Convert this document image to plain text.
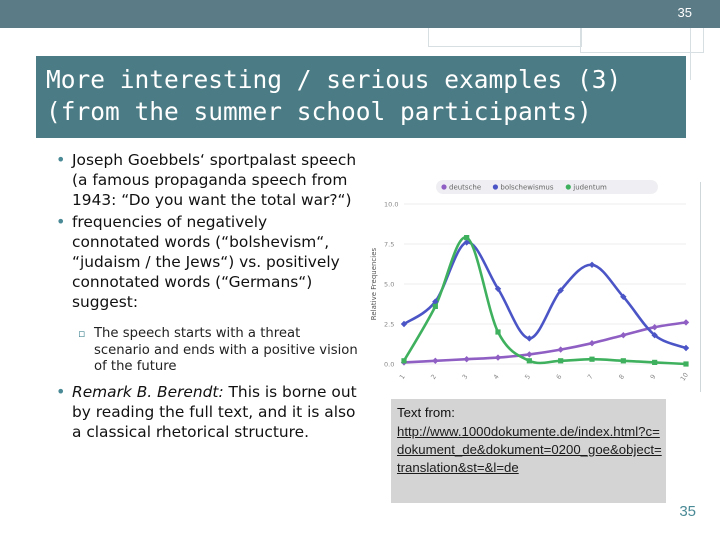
35
More interesting / serious examples (3)
(from the summer school participants)
• Joseph Goebbels‘ sportpalast speech (a famous propaganda speech from 1943: “Do you want the total war?“)
• frequencies of negatively connotated words (“bolshevism“, “judaism / the Jews“) vs. positively connotated words (“Germans“) suggest:
▫ The speech starts with a threat scenario and ends with a positive vision of the future
• Remark B. Berendt: This is borne out by reading the full text, and it is also a classical rhetorical structure.
deutsche	bolschewismus	judentum
Relative Frequencies
0.0
2.5
5.0
7.5
10.0
1	2	3	4	5	6	7	8	9	10
Text from:
http://www.1000dokumente.de/index.html?c=dokument_de&dokument=0200_goe&object=translation&st=&l=de
35
